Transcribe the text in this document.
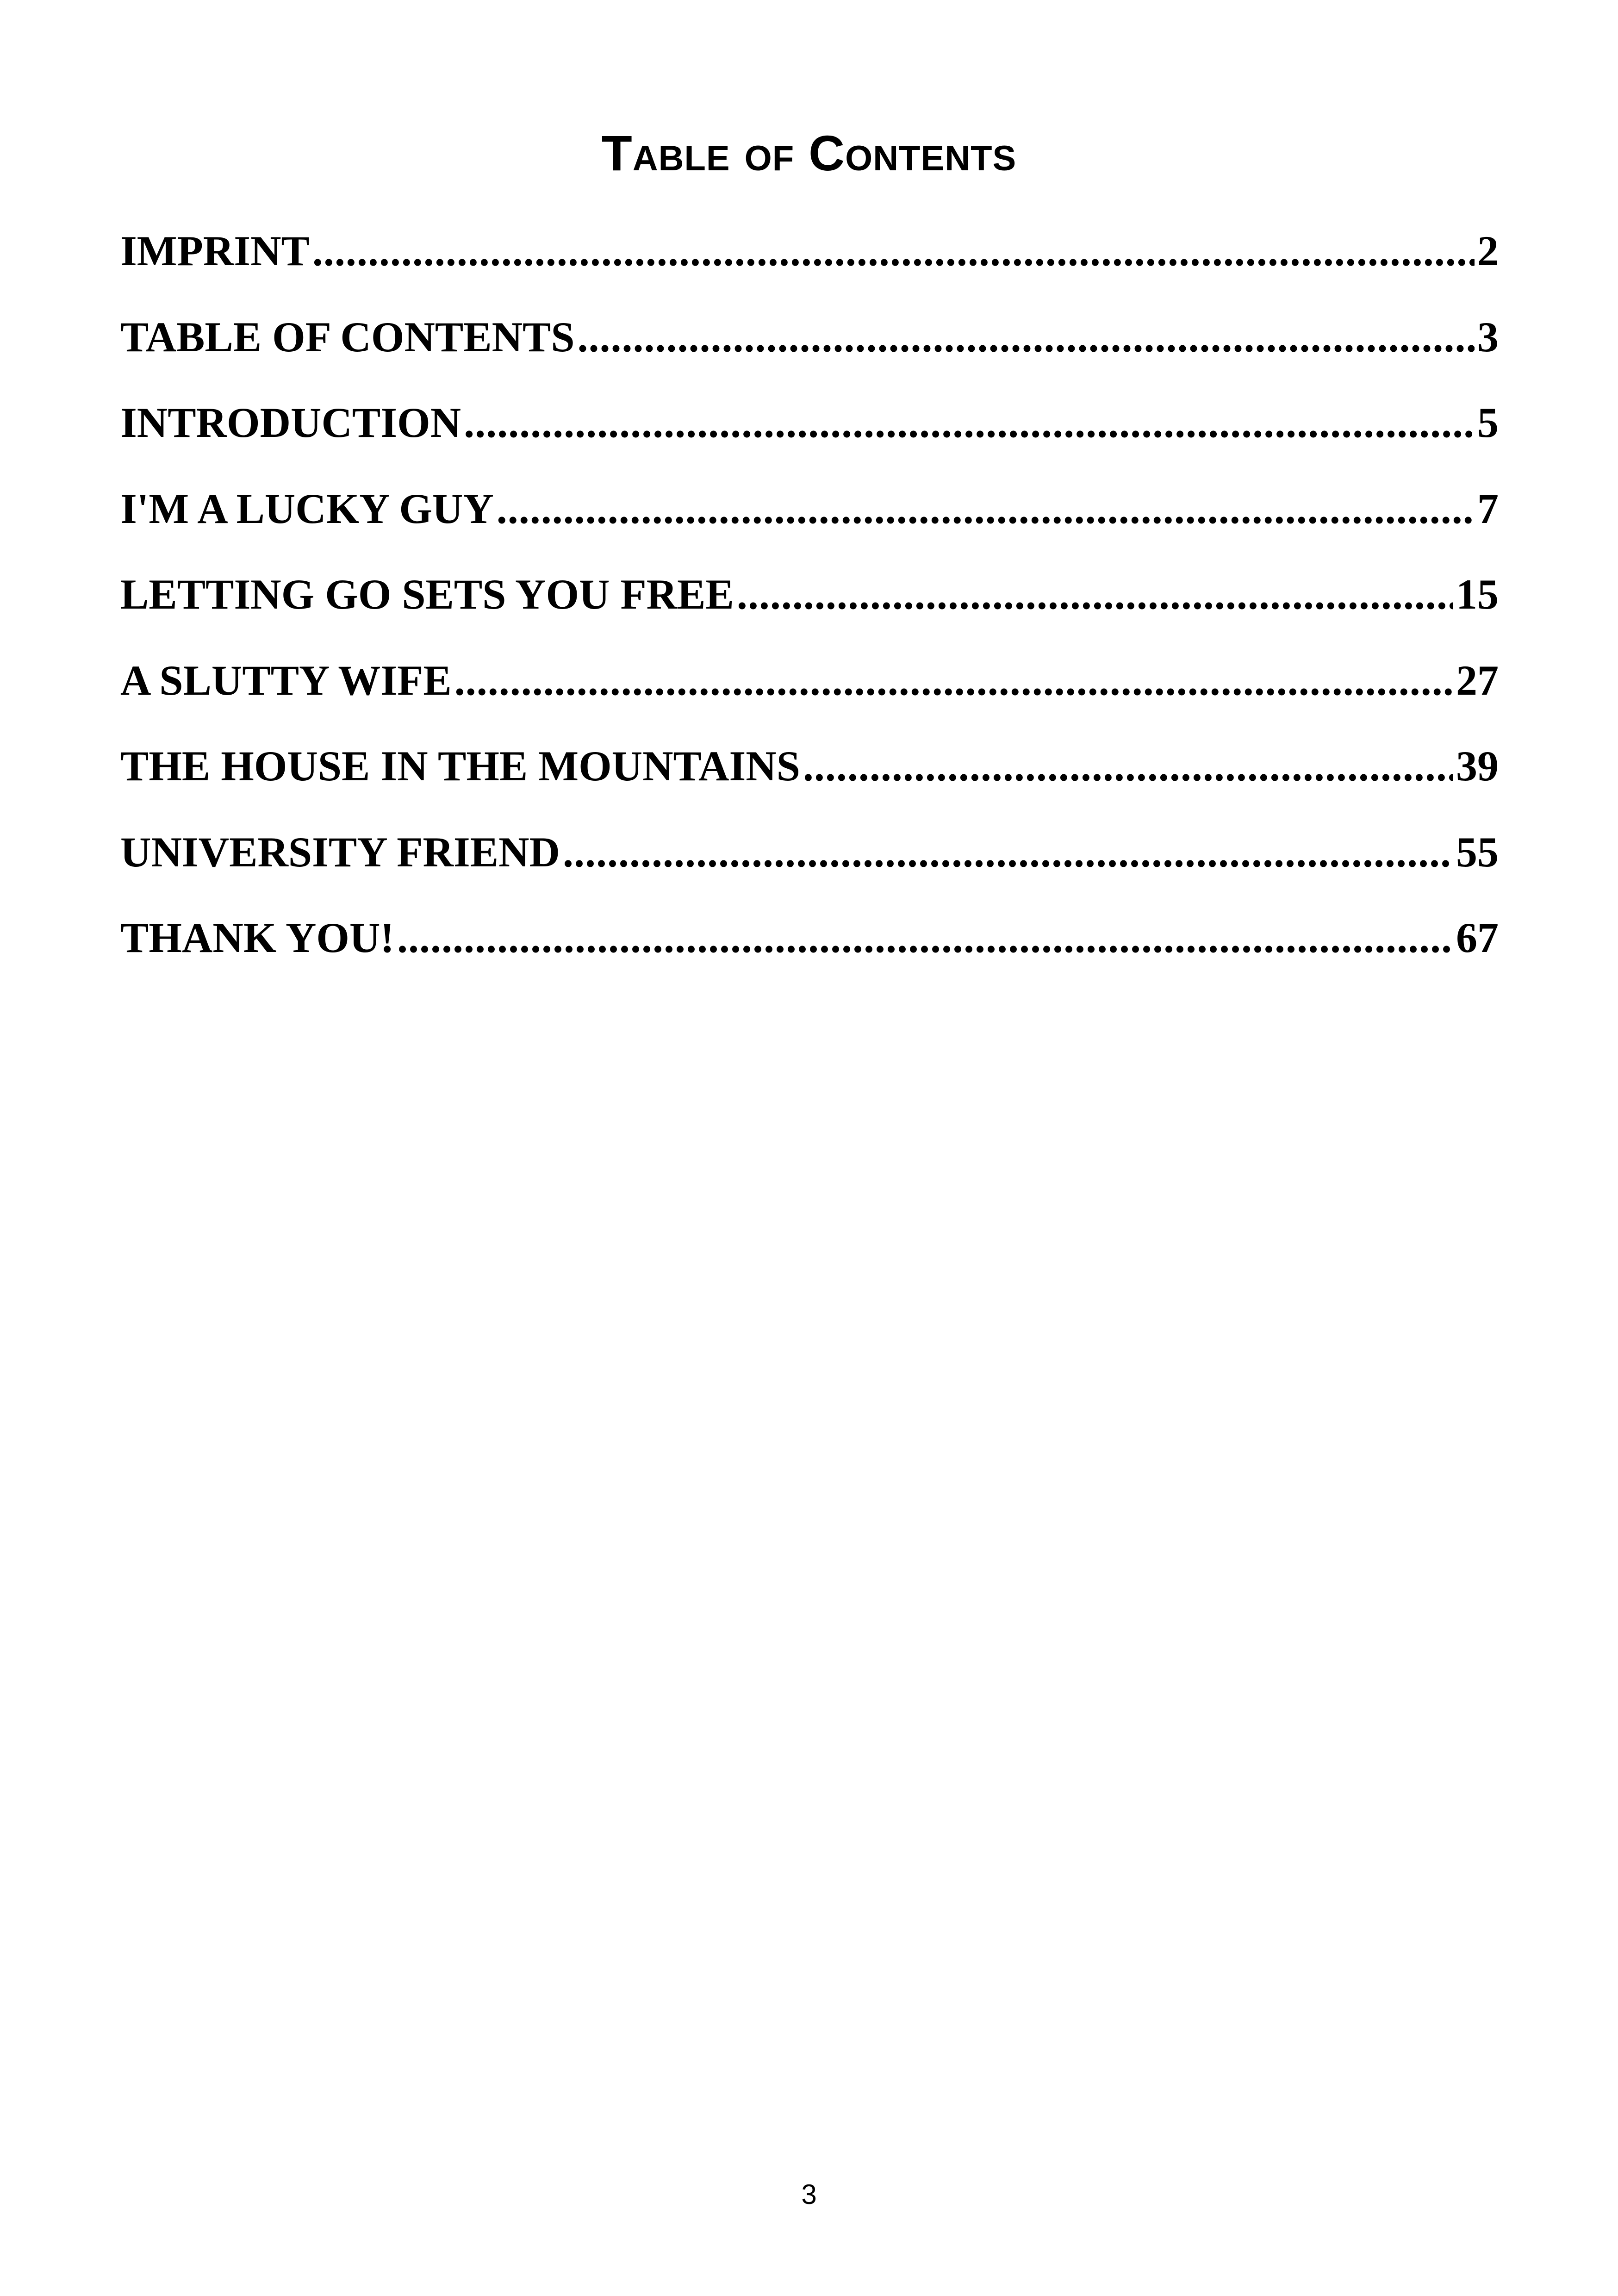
Table of Contents
IMPRINT .....	2
TABLE OF CONTENTS .....	3
INTRODUCTION .....	5
I'M A LUCKY GUY .....	7
LETTING GO SETS YOU FREE .....	15
A SLUTTY WIFE .....	27
THE HOUSE IN THE MOUNTAINS .....	39
UNIVERSITY FRIEND .....	55
THANK YOU! .....	67
3
